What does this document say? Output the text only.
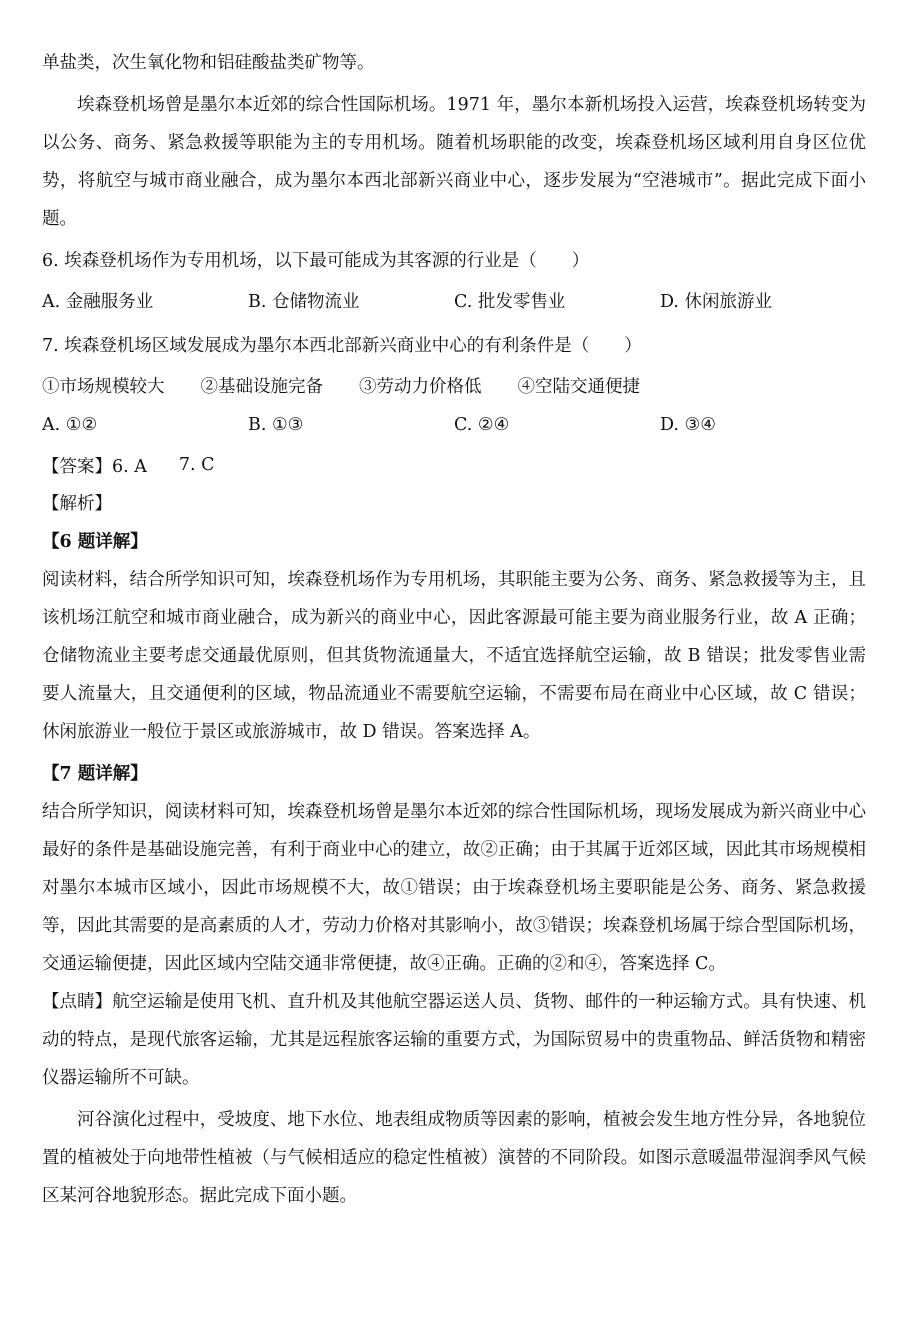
单盐类，次生氧化物和铝硅酸盐类矿物等。

埃森登机场曾是墨尔本近郊的综合性国际机场。1971 年，墨尔本新机场投入运营，埃森登机场转变为以公务、商务、紧急救援等职能为主的专用机场。随着机场职能的改变，埃森登机场区域利用自身区位优势，将航空与城市商业融合，成为墨尔本西北部新兴商业中心，逐步发展为“空港城市”。据此完成下面小题。

6. 埃森登机场作为专用机场，以下最可能成为其客源的行业是（　　）

A. 金融服务业	B. 仓储物流业	C. 批发零售业	D. 休闲旅游业

7. 埃森登机场区域发展成为墨尔本西北部新兴商业中心的有利条件是（　　）

①市场规模较大 ②基础设施完备 ③劳动力价格低 ④空陆交通便捷
A. ①②	B. ①③	C. ②④	D. ③④
【答案】6. A 7. C

【解析】

【6 题详解】

阅读材料，结合所学知识可知，埃森登机场作为专用机场，其职能主要为公务、商务、紧急救援等为主，且该机场江航空和城市商业融合，成为新兴的商业中心，因此客源最可能主要为商业服务行业，故 A 正确；仓储物流业主要考虑交通最优原则，但其货物流通量大，不适宜选择航空运输，故 B 错误；批发零售业需要人流量大，且交通便利的区域，物品流通业不需要航空运输，不需要布局在商业中心区域，故 C 错误；休闲旅游业一般位于景区或旅游城市，故 D 错误。答案选择 A。

【7 题详解】

结合所学知识，阅读材料可知，埃森登机场曾是墨尔本近郊的综合性国际机场，现场发展成为新兴商业中心最好的条件是基础设施完善，有利于商业中心的建立，故②正确；由于其属于近郊区域，因此其市场规模相对墨尔本城市区域小，因此市场规模不大，故①错误；由于埃森登机场主要职能是公务、商务、紧急救援等，因此其需要的是高素质的人才，劳动力价格对其影响小，故③错误；埃森登机场属于综合型国际机场，交通运输便捷，因此区域内空陆交通非常便捷，故④正确。正确的②和④，答案选择 C。

【点睛】航空运输是使用飞机、直升机及其他航空器运送人员、货物、邮件的一种运输方式。具有快速、机动的特点，是现代旅客运输，尤其是远程旅客运输的重要方式，为国际贸易中的贵重物品、鲜活货物和精密仪器运输所不可缺。

河谷演化过程中，受坡度、地下水位、地表组成物质等因素的影响，植被会发生地方性分异，各地貌位置的植被处于向地带性植被（与气候相适应的稳定性植被）演替的不同阶段。如图示意暖温带湿润季风气候区某河谷地貌形态。据此完成下面小题。
